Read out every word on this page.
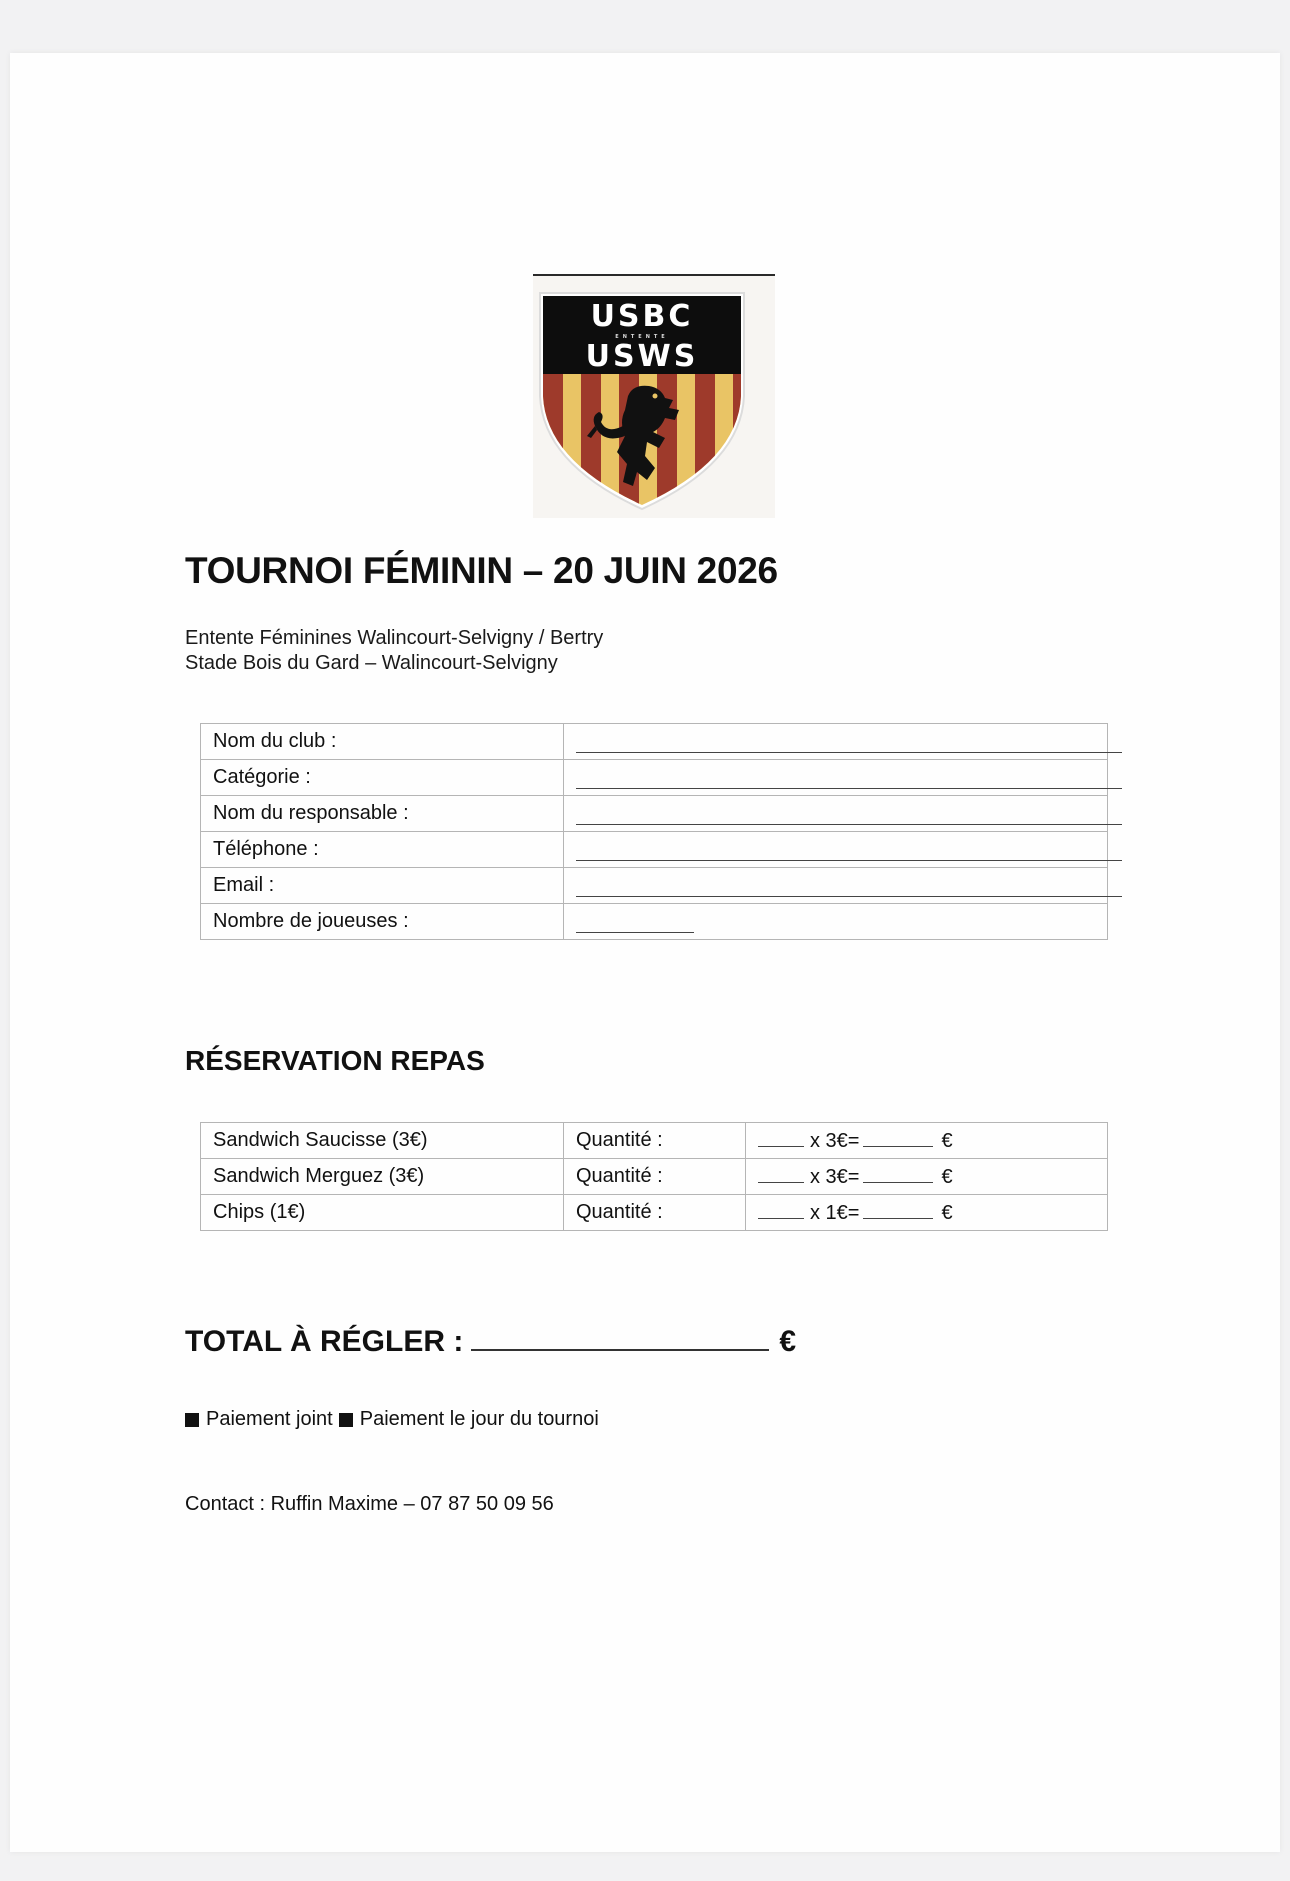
USBC
ENTENTE
USWS
TOURNOI FÉMININ – 20 JUIN 2026
Entente Féminines Walincourt-Selvigny / Bertry
Stade Bois du Gard – Walincourt-Selvigny
Nom du club :	

Catégorie :	

Nom du responsable :	

Téléphone :	

Email :	

Nombre de joueuses :	
RÉSERVATION REPAS
Sandwich Saucisse (3€)	Quantité :	x 3€= €
Sandwich Merguez (3€)	Quantité :	x 3€= €
Chips (1€)	Quantité :	x 1€= €
TOTAL À RÉGLER :	€
Paiement joint Paiement le jour du tournoi
Contact : Ruffin Maxime – 07 87 50 09 56
